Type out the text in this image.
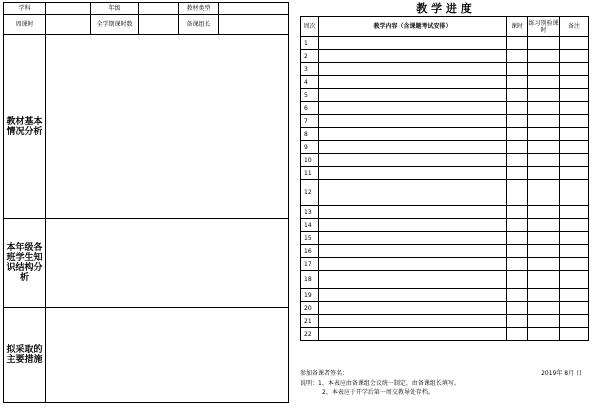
学科		年级		教材类型	
周课时		全学期课时数		备课组长	
教材基本情况分析					
本年级各班学生知识结构分析					
拟采取的主要措施					
教 学 进 度
周次	教学内容（含课题考试安排）	课时	练习别验课时	备注
1				
2				
3				
4				
5				
6				
7				
8				
9				
10				
11				
12				
13				
14				
15				
16				
17				
18				
19				
20				
21				
22				
参加备课者签名：	2019年 8月 日
说明：1、本表应由备课组会议统一制定，由备课组长填写。
2、本表应于开学后第一周交教导处存档。
